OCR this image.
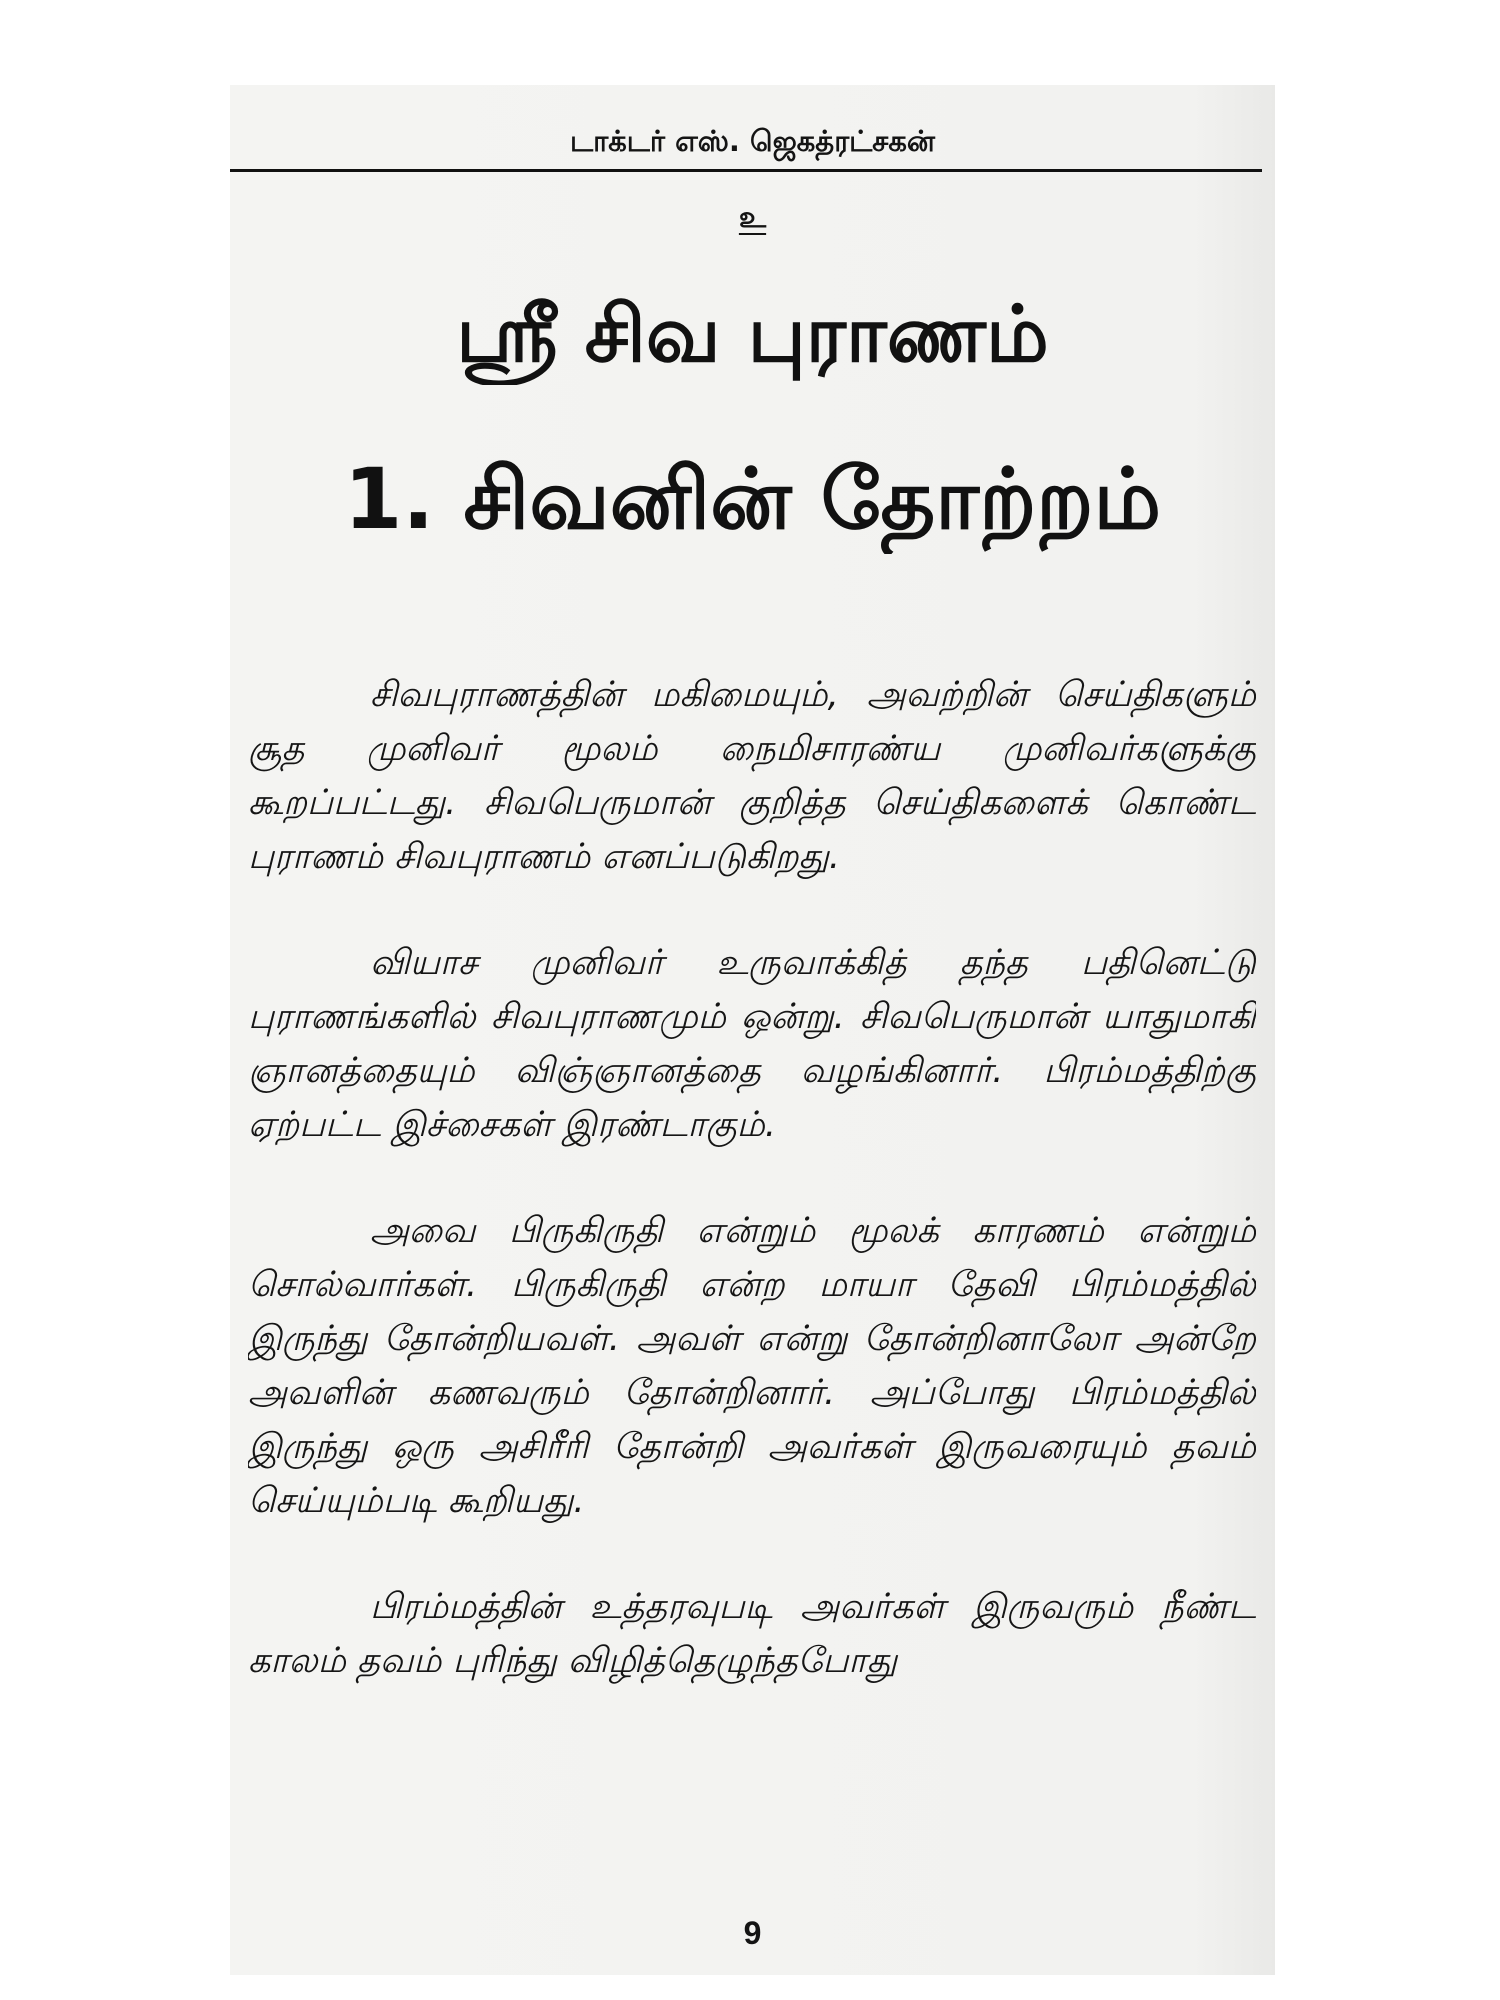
டாக்டர் எஸ். ஜெகத்ரட்சகன்
உ
ஸ்ரீ சிவ புராணம்
1. சிவனின் தோற்றம்

சிவபுராணத்தின் மகிமையும், அவற்றின் செய்திகளும் சூத முனிவர் மூலம் நைமிசாரண்ய முனிவர்களுக்கு கூறப்பட்டது. சிவபெருமான் குறித்த செய்திகளைக் கொண்ட புராணம் சிவபுராணம் எனப்படுகிறது.

வியாச முனிவர் உருவாக்கித் தந்த பதினெட்டு புராணங்களில் சிவபுராணமும் ஒன்று. சிவபெருமான் யாதுமாகி ஞானத்தையும் விஞ்ஞானத்தை வழங்கினார். பிரம்மத்திற்கு ஏற்பட்ட இச்சைகள் இரண்டாகும்.

அவை பிருகிருதி என்றும் மூலக் காரணம் என்றும் சொல்வார்கள். பிருகிருதி என்ற மாயா தேவி பிரம்மத்தில் இருந்து தோன்றியவள். அவள் என்று தோன்றினாலோ அன்றே அவளின் கணவரும் தோன்றினார். அப்போது பிரம்மத்தில் இருந்து ஒரு அசிரீரி தோன்றி அவர்கள் இருவரையும் தவம் செய்யும்படி கூறியது.

பிரம்மத்தின் உத்தரவுபடி அவர்கள் இருவரும் நீண்ட காலம் தவம் புரிந்து விழித்தெழுந்தபோது

9
